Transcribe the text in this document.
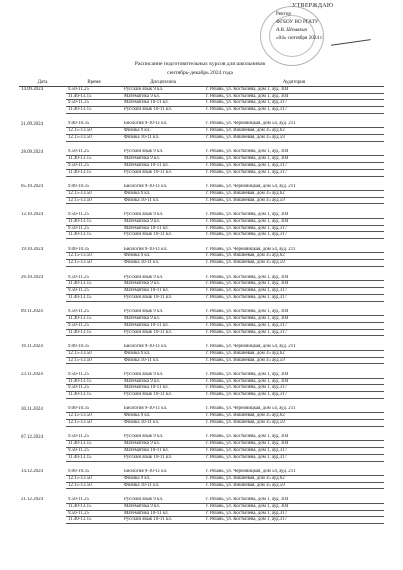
УТВЕРЖДАЮ
Ректор
ФГБОУ ВО РГАТУ
А.В. Шемякин
«04» сентября 2024 г.
Расписание подготовительных курсов для школьников
сентябрь-декабрь 2024 года
Дата	Время	Дисциплина	Аудитория
14.09.2024	9.50-11.25	Русский язык 9 кл.	г. Рязань, ул. Костычева, дом 1, ауд. 304
	11.40-13.15	Математика 9 кл.	г. Рязань, ул. Костычева, дом 1, ауд. 304
	9.50-11.25	Математика 10-11 кл.	г. Рязань, ул. Костычева, дом 1, ауд.317
	11.40-13.15	Русский язык 10-11 кл.	г. Рязань, ул. Костычева, дом 1, ауд.317

21.09.2024	9.00-10.35	Биология 9-10-11 кл.	г. Рязань, ул. Черновицкая, дом 54, ауд. 211
	12.15-13.50	Физика 9 кл.	г. Рязань, ул. Вишневая, дом 35 ауд.62
	12.15-13.50	Физика 10-11 кл.	г. Рязань, ул. Вишневая, дом 35 ауд.59

28.09.2024	9.50-11.25	Русский язык 9 кл.	г. Рязань, ул. Костычева, дом 1, ауд. 304
	11.40-13.15	Математика 9 кл.	г. Рязань, ул. Костычева, дом 1, ауд. 304
	9.50-11.25	Математика 10-11 кл.	г. Рязань, ул. Костычева, дом 1, ауд.317
	11.40-13.15	Русский язык 10-11 кл.	г. Рязань, ул. Костычева, дом 1, ауд.317

05.10.2024	9.00-10.35	Биология 9-10-11 кл.	г. Рязань, ул. Черновицкая, дом 54, ауд. 211
	12.15-13.50	Физика 9 кл.	г. Рязань, ул. Вишневая, дом 35 ауд.62
	12.15-13.50	Физика 10-11 кл.	г. Рязань, ул. Вишневая, дом 35 ауд.59

12.10.2024	9.50-11.25	Русский язык 9 кл.	г. Рязань, ул. Костычева, дом 1, ауд. 304
	11.40-13.15	Математика 9 кл.	г. Рязань, ул. Костычева, дом 1, ауд. 304
	9.50-11.25	Математика 10-11 кл.	г. Рязань, ул. Костычева, дом 1, ауд.317
	11.40-13.15	Русский язык 10-11 кл.	г. Рязань, ул. Костычева, дом 1, ауд.317

19.10.2024	9.00-10.35	Биология 9-10-11 кл.	г. Рязань, ул. Черновицкая, дом 54, ауд. 211
	12.15-13.50	Физика 9 кл.	г. Рязань, ул. Вишневая, дом 35 ауд.62
	12.15-13.50	Физика 10-11 кл.	г. Рязань, ул. Вишневая, дом 35 ауд.59

26.10.2024	9.50-11.25	Русский язык 9 кл.	г. Рязань, ул. Костычева, дом 1, ауд. 304
	11.40-13.15	Математика 9 кл.	г. Рязань, ул. Костычева, дом 1, ауд. 304
	9.50-11.25	Математика 10-11 кл.	г. Рязань, ул. Костычева, дом 1, ауд.317
	11.40-13.15	Русский язык 10-11 кл.	г. Рязань, ул. Костычева, дом 1, ауд.317

09.11.2024	9.50-11.25	Русский язык 9 кл.	г. Рязань, ул. Костычева, дом 1, ауд. 304
	11.40-13.15	Математика 9 кл.	г. Рязань, ул. Костычева, дом 1, ауд. 304
	9.50-11.25	Математика 10-11 кл.	г. Рязань, ул. Костычева, дом 1, ауд.317
	11.40-13.15	Русский язык 10-11 кл.	г. Рязань, ул. Костычева, дом 1, ауд.317

16.11.2024	9.00-10.35	Биология 9-10-11 кл.	г. Рязань, ул. Черновицкая, дом 54, ауд. 211
	12.15-13.50	Физика 9 кл.	г. Рязань, ул. Вишневая, дом 35 ауд.62
	12.15-13.50	Физика 10-11 кл.	г. Рязань, ул. Вишневая, дом 35 ауд.59

23.11.2024	9.50-11.25	Русский язык 9 кл.	г. Рязань, ул. Костычева, дом 1, ауд. 304
	11.40-13.15	Математика 9 кл.	г. Рязань, ул. Костычева, дом 1, ауд. 304
	9.50-11.25	Математика 10-11 кл.	г. Рязань, ул. Костычева, дом 1, ауд.317
	11.40-13.15	Русский язык 10-11 кл.	г. Рязань, ул. Костычева, дом 1, ауд.317

30.11.2024	9.00-10.35	Биология 9-10-11 кл.	г. Рязань, ул. Черновицкая, дом 54, ауд. 211
	12.15-13.50	Физика 9 кл.	г. Рязань, ул. Вишневая, дом 35 ауд.62
	12.15-13.50	Физика 10-11 кл.	г. Рязань, ул. Вишневая, дом 35 ауд.59

07.12.2024	9.50-11.25	Русский язык 9 кл.	г. Рязань, ул. Костычева, дом 1, ауд. 304
	11.40-13.15	Математика 9 кл.	г. Рязань, ул. Костычева, дом 1, ауд. 304
	9.50-11.25	Математика 10-11 кл.	г. Рязань, ул. Костычева, дом 1, ауд.317
	11.40-13.15	Русский язык 10-11 кл.	г. Рязань, ул. Костычева, дом 1, ауд.317

14.12.2024	9.00-10.35	Биология 9-10-11 кл.	г. Рязань, ул. Черновицкая, дом 54, ауд. 211
	12.15-13.50	Физика 9 кл.	г. Рязань, ул. Вишневая, дом 35 ауд.62
	12.15-13.50	Физика 10-11 кл.	г. Рязань, ул. Вишневая, дом 35 ауд.59

21.12.2024	9.50-11.25	Русский язык 9 кл.	г. Рязань, ул. Костычева, дом 1, ауд. 304
	11.40-13.15	Математика 9 кл.	г. Рязань, ул. Костычева, дом 1, ауд. 304
	9.50-11.25	Математика 10-11 кл.	г. Рязань, ул. Костычева, дом 1, ауд.317
	11.40-13.15	Русский язык 10-11 кл.	г. Рязань, ул. Костычева, дом 1, ауд.317
